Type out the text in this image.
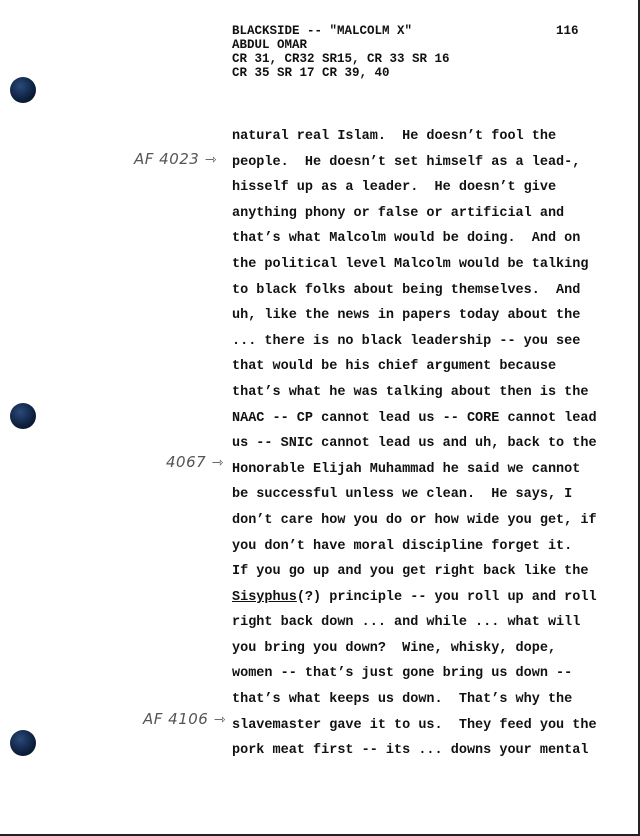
BLACKSIDE -- "MALCOLM X"
ABDUL OMAR
CR 31, CR32 SR15, CR 33 SR 16
CR 35 SR 17 CR 39, 40
116
AF 4023 ⇾
4067 ⇾
AF 4106 ⇾
natural real Islam.  He doesn’t fool the
people.  He doesn’t set himself as a lead-,
hisself up as a leader.  He doesn’t give
anything phony or false or artificial and
that’s what Malcolm would be doing.  And on
the political level Malcolm would be talking
to black folks about being themselves.  And
uh, like the news in papers today about the
... there is no black leadership -- you see
that would be his chief argument because
that’s what he was talking about then is the
NAAC -- CP cannot lead us -- CORE cannot lead
us -- SNIC cannot lead us and uh, back to the
Honorable Elijah Muhammad he said we cannot
be successful unless we clean.  He says, I
don’t care how you do or how wide you get, if
you don’t have moral discipline forget it.
If you go up and you get right back like the
Sisyphus(?) principle -- you roll up and roll
right back down ... and while ... what will
you bring you down?  Wine, whisky, dope,
women -- that’s just gone bring us down --
that’s what keeps us down.  That’s why the
slavemaster gave it to us.  They feed you the
pork meat first -- its ... downs your mental
